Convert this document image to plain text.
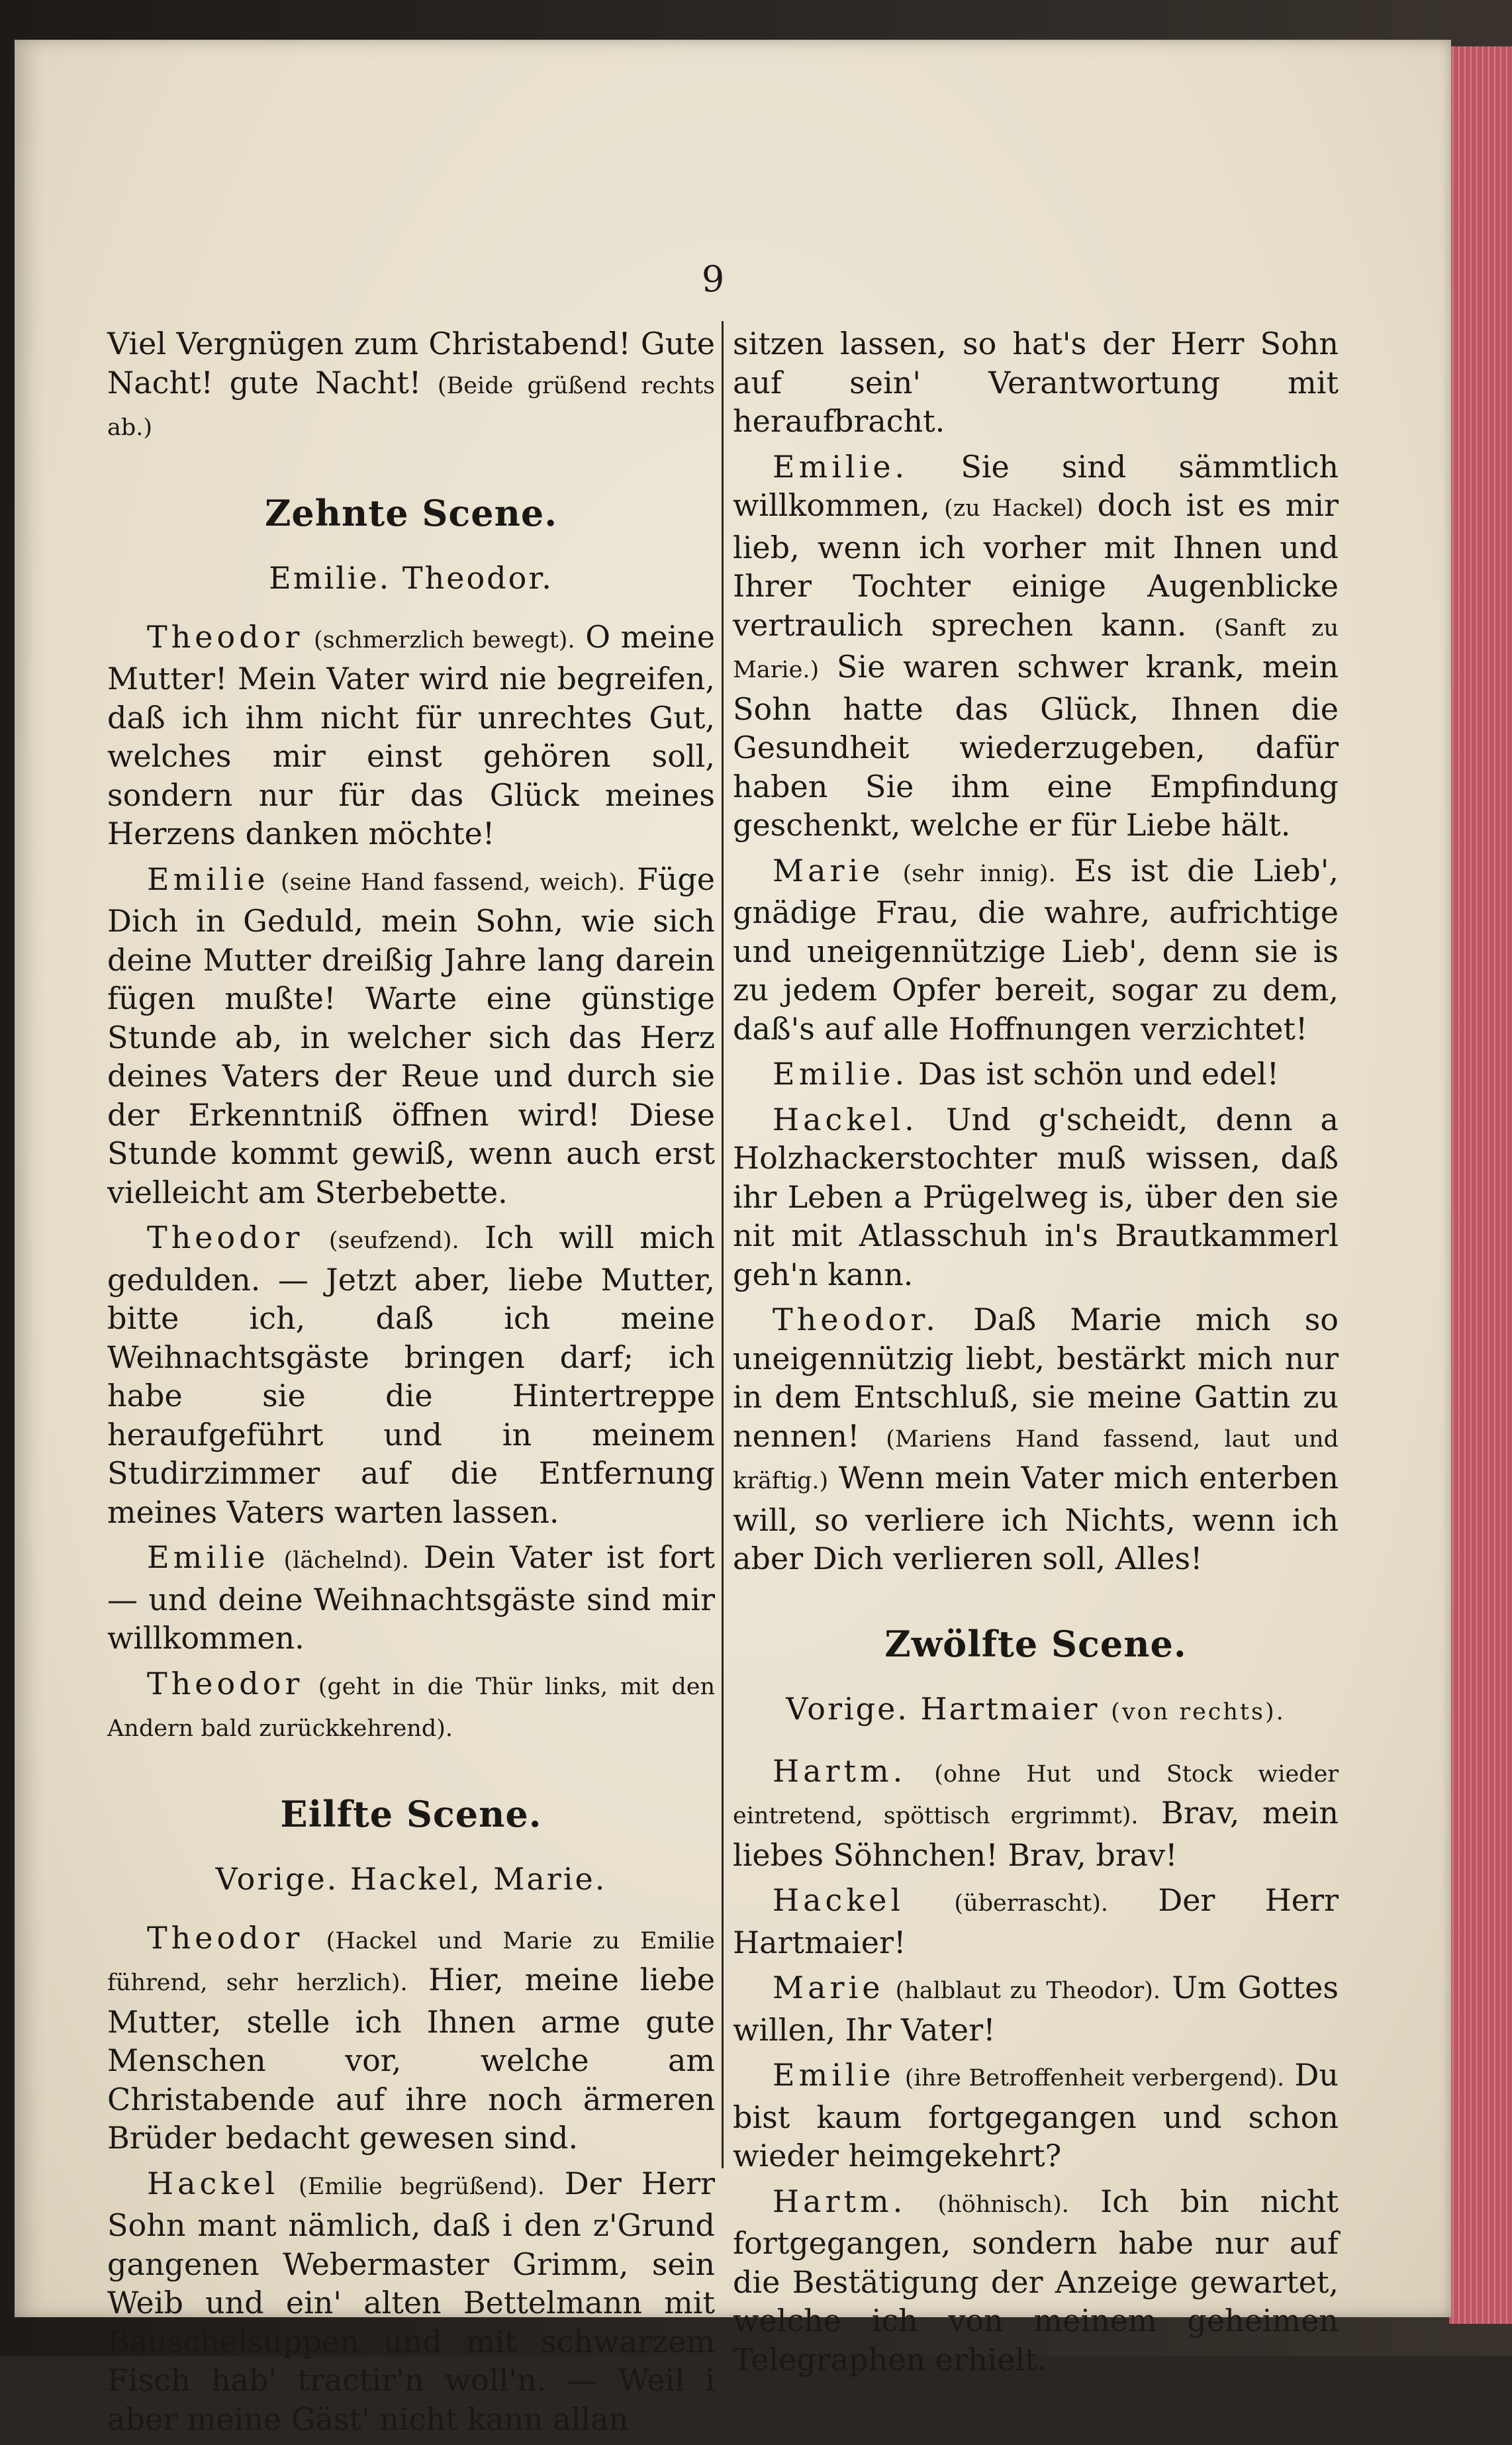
9

Viel Vergnügen zum Christabend! Gute Nacht! gute Nacht! (Beide grüßend rechts ab.)

Zehnte Scene.
Emilie. Theodor.

Theodor (schmerzlich bewegt). O meine Mutter! Mein Vater wird nie begreifen, daß ich ihm nicht für unrechtes Gut, welches mir einst gehören soll, sondern nur für das Glück meines Herzens danken möchte!

Emilie (seine Hand fassend, weich). Füge Dich in Geduld, mein Sohn, wie sich deine Mutter dreißig Jahre lang darein fügen mußte! Warte eine günstige Stunde ab, in welcher sich das Herz deines Vaters der Reue und durch sie der Erkenntniß öffnen wird! Diese Stunde kommt gewiß, wenn auch erst vielleicht am Sterbebette.

Theodor (seufzend). Ich will mich gedulden. — Jetzt aber, liebe Mutter, bitte ich, daß ich meine Weihnachtsgäste bringen darf; ich habe sie die Hintertreppe heraufgeführt und in meinem Studirzimmer auf die Entfernung meines Vaters warten lassen.

Emilie (lächelnd). Dein Vater ist fort — und deine Weihnachtsgäste sind mir willkommen.

Theodor (geht in die Thür links, mit den Andern bald zurückkehrend).

Eilfte Scene.
Vorige. Hackel, Marie.

Theodor (Hackel und Marie zu Emilie führend, sehr herzlich). Hier, meine liebe Mutter, stelle ich Ihnen arme gute Menschen vor, welche am Christabende auf ihre noch ärmeren Brüder bedacht gewesen sind.

Hackel (Emilie begrüßend). Der Herr Sohn mant nämlich, daß i den z'Grund gangenen Webermaster Grimm, sein Weib und ein' alten Bettelmann mit Bäuschelsuppen und mit schwarzem Fisch hab' tractir'n woll'n. — Weil i aber meine Gäst' nicht kann allan

sitzen lassen, so hat's der Herr Sohn auf sein' Verantwortung mit heraufbracht.

Emilie. Sie sind sämmtlich willkommen, (zu Hackel) doch ist es mir lieb, wenn ich vorher mit Ihnen und Ihrer Tochter einige Augenblicke vertraulich sprechen kann. (Sanft zu Marie.) Sie waren schwer krank, mein Sohn hatte das Glück, Ihnen die Gesundheit wiederzugeben, dafür haben Sie ihm eine Empfindung geschenkt, welche er für Liebe hält.

Marie (sehr innig). Es ist die Lieb', gnädige Frau, die wahre, aufrichtige und uneigennützige Lieb', denn sie is zu jedem Opfer bereit, sogar zu dem, daß's auf alle Hoffnungen verzichtet!

Emilie. Das ist schön und edel!

Hackel. Und g'scheidt, denn a Holzhackerstochter muß wissen, daß ihr Leben a Prügelweg is, über den sie nit mit Atlasschuh in's Brautkammerl geh'n kann.

Theodor. Daß Marie mich so uneigennützig liebt, bestärkt mich nur in dem Entschluß, sie meine Gattin zu nennen! (Mariens Hand fassend, laut und kräftig.) Wenn mein Vater mich enterben will, so verliere ich Nichts, wenn ich aber Dich verlieren soll, Alles!

Zwölfte Scene.
Vorige. Hartmaier (von rechts).

Hartm. (ohne Hut und Stock wieder eintretend, spöttisch ergrimmt). Brav, mein liebes Söhnchen! Brav, brav!

Hackel (überrascht). Der Herr Hartmaier!

Marie (halblaut zu Theodor). Um Gottes willen, Ihr Vater!

Emilie (ihre Betroffenheit verbergend). Du bist kaum fortgegangen und schon wieder heimgekehrt?

Hartm. (höhnisch). Ich bin nicht fortgegangen, sondern habe nur auf die Bestätigung der Anzeige gewartet, welche ich von meinem geheimen Telegraphen erhielt.
